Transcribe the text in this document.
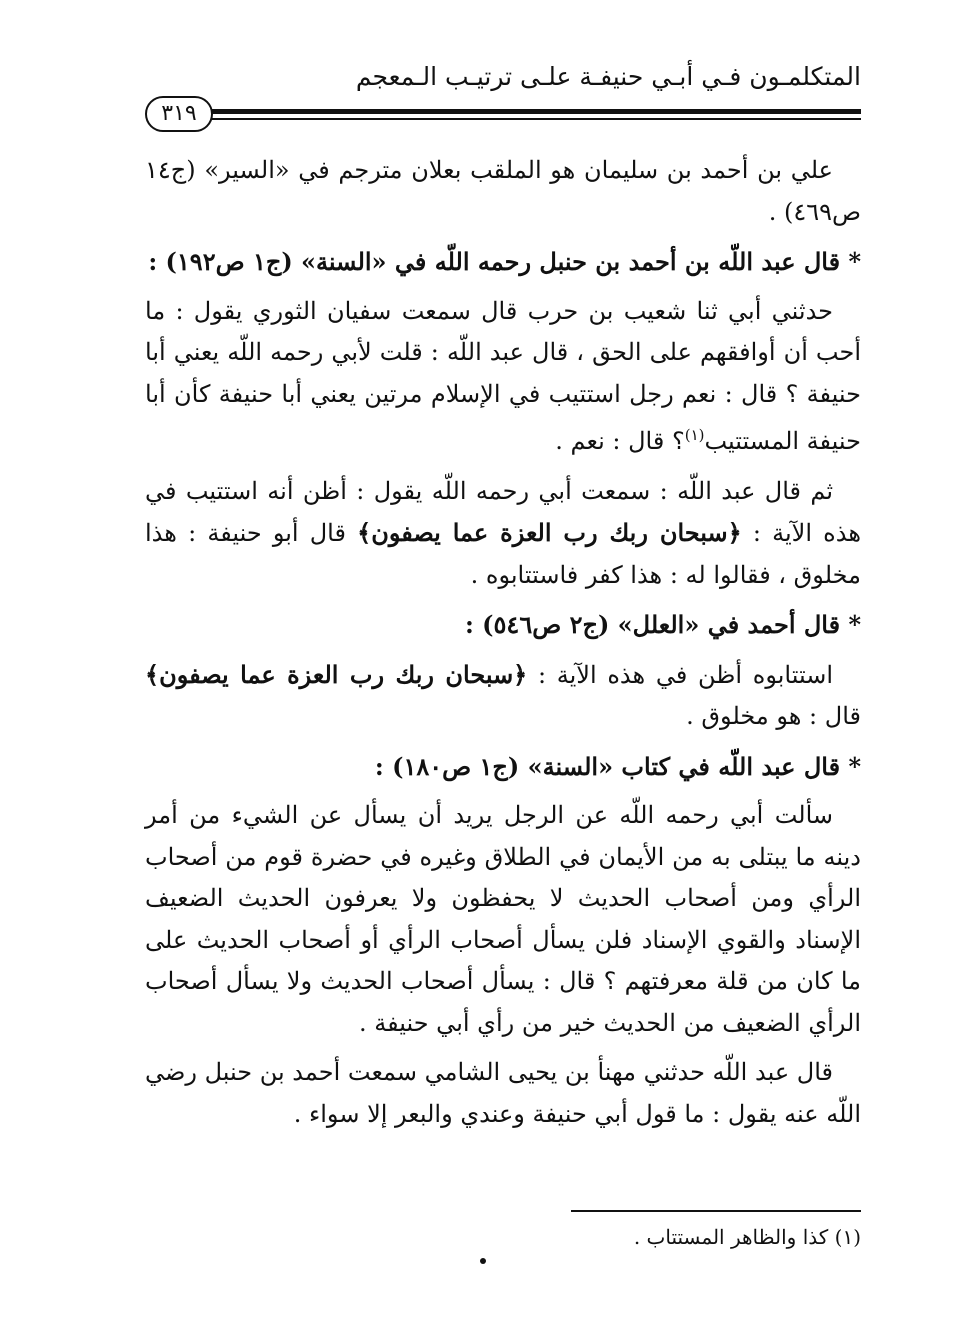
المتكلمـون فـي أبـي حنيفـة علـى ترتيـب الـمعجم
٣١٩

علي بن أحمد بن سليمان هو الملقب بعلان مترجم في «السير» (ج١٤ ص٤٦٩) .

* قال عبد اللّه بن أحمد بن حنبل رحمه اللّه في «السنة» (ج١ ص١٩٢) :

حدثني أبي ثنا شعيب بن حرب قال سمعت سفيان الثوري يقول : ما أحب أن أوافقهم على الحق ، قال عبد اللّه : قلت لأبي رحمه اللّه يعني أبا حنيفة ؟ قال : نعم رجل استتيب في الإسلام مرتين يعني أبا حنيفة كأن أبا حنيفة المستتيب$^{(١)}$؟ قال : نعم .

ثم قال عبد اللّه : سمعت أبي رحمه اللّه يقول : أظن أنه استتيب في هذه الآية : ﴿سبحان ربك رب العزة عما يصفون﴾ قال أبو حنيفة : هذا مخلوق ، فقالوا له : هذا كفر فاستتابوه .

* قال أحمد في «العلل» (ج٢ ص٥٤٦) :

استتابوه أظن في هذه الآية : ﴿سبحان ربك رب العزة عما يصفون﴾ قال : هو مخلوق .

* قال عبد اللّه في كتاب «السنة» (ج١ ص١٨٠) :

سألت أبي رحمه اللّه عن الرجل يريد أن يسأل عن الشيء من أمر دينه ما يبتلى به من الأيمان في الطلاق وغيره في حضرة قوم من أصحاب الرأي ومن أصحاب الحديث لا يحفظون ولا يعرفون الحديث الضعيف الإسناد والقوي الإسناد فلن يسأل أصحاب الرأي أو أصحاب الحديث على ما كان من قلة معرفتهم ؟ قال : يسأل أصحاب الحديث ولا يسأل أصحاب الرأي الضعيف من الحديث خير من رأي أبي حنيفة .

قال عبد اللّه حدثني مهنأ بن يحيى الشامي سمعت أحمد بن حنبل رضي اللّه عنه يقول : ما قول أبي حنيفة وعندي والبعر إلا سواء .

(١) كذا والظاهر المستتاب .
